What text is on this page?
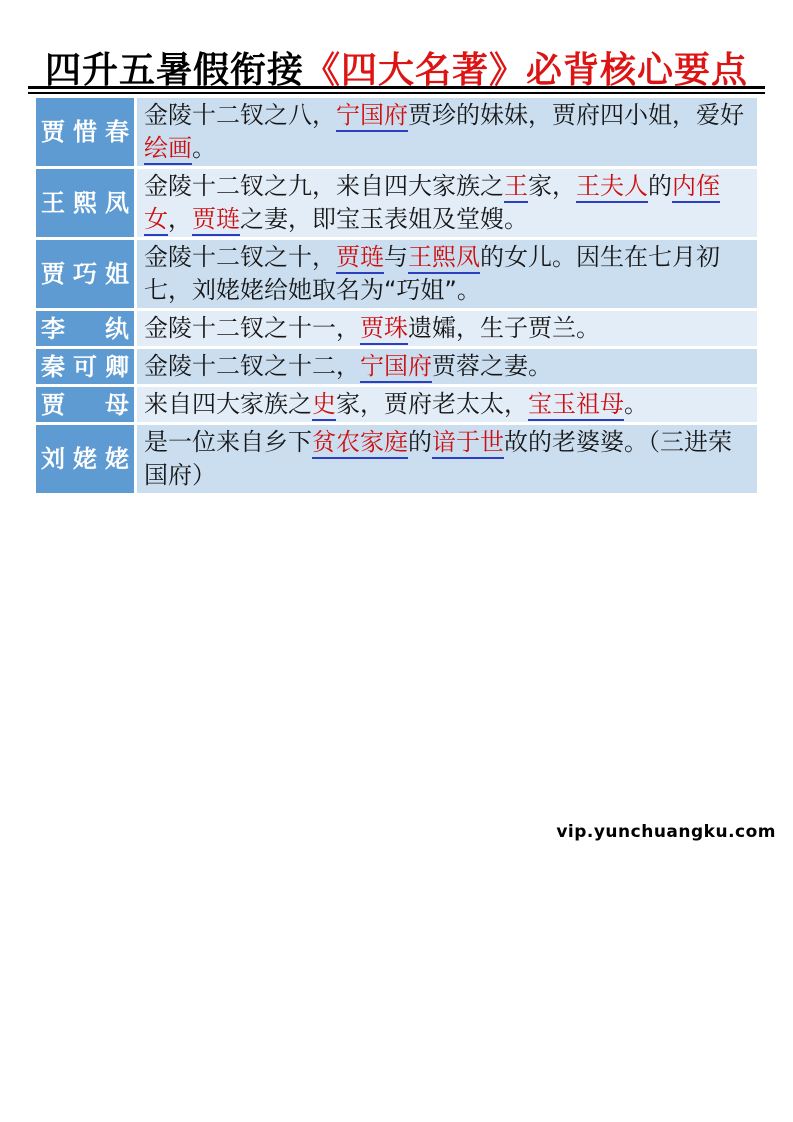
四升五暑假衔接《四大名著》必背核心要点
贾惜春	金陵十二钗之八，宁国府贾珍的妹妹，贾府四小姐，爱好绘画。
王熙凤	金陵十二钗之九，来自四大家族之王家，王夫人的内侄女，贾琏之妻，即宝玉表姐及堂嫂。
贾巧姐	金陵十二钗之十，贾琏与王熙凤的女儿。因生在七月初七，刘姥姥给她取名为“巧姐”。
李　纨	金陵十二钗之十一，贾珠遗孀，生子贾兰。
秦可卿	金陵十二钗之十二，宁国府贾蓉之妻。
贾　母	来自四大家族之史家，贾府老太太，宝玉祖母。
刘姥姥	是一位来自乡下贫农家庭的谙于世故的老婆婆。（三进荣国府）
vip.yunchuangku.com
